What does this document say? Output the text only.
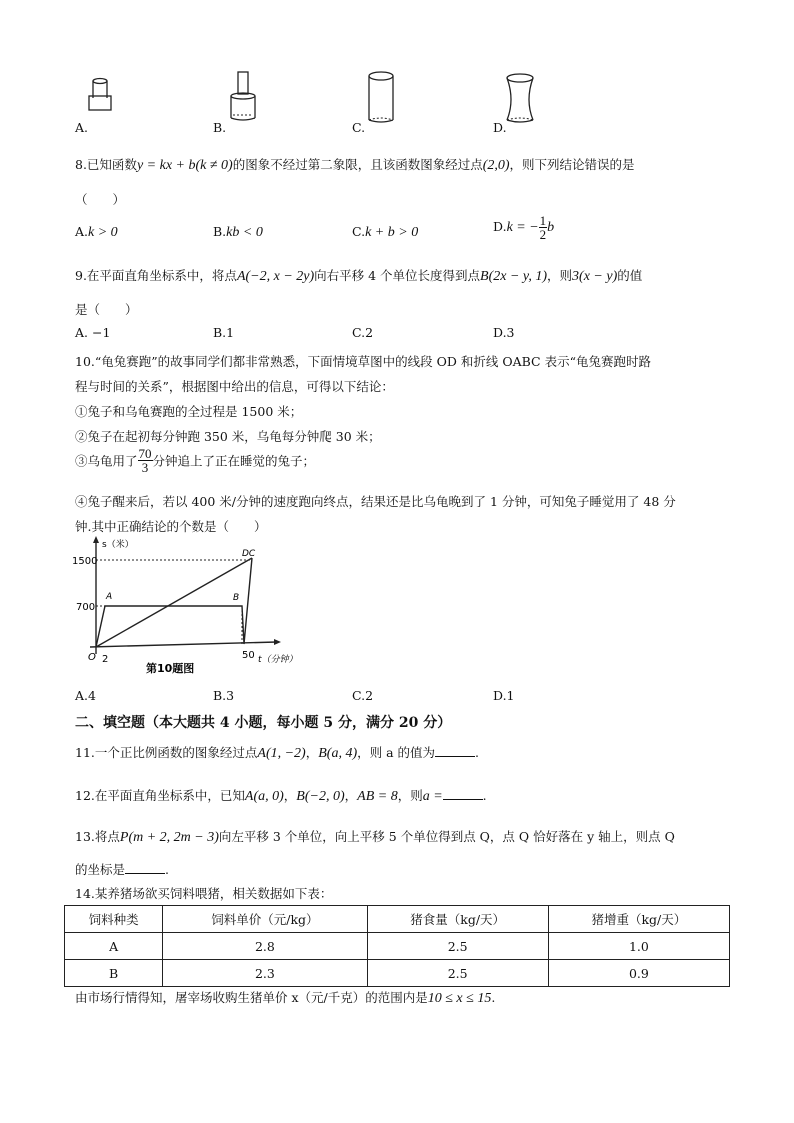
A.	B.	C.	D.
8.已知函数y = kx + b(k ≠ 0)的图象不经过第二象限，且该函数图象经过点(2,0)，则下列结论错误的是
（　　）
A.k > 0	B.kb < 0	C.k + b > 0	D.k = − $\frac{1}{2}$ b
9.在平面直角坐标系中，将点A(−2, x − 2y)向右平移 4 个单位长度得到点B(2x − y, 1)，则3(x − y)的值
是（　　）
A. −1	B.1	C.2	D.3
10.“龟兔赛跑”的故事同学们都非常熟悉，下面情境草图中的线段 OD 和折线 OABC 表示“龟兔赛跑时路
程与时间的关系”，根据图中给出的信息，可得以下结论：
①兔子和乌龟赛跑的全过程是 1500 米；
②兔子在起初每分钟跑 350 米，乌龟每分钟爬 30 米；
③乌龟用了 $\frac{70}{3}$ 分钟追上了正在睡觉的兔子；
④兔子醒来后，若以 400 米/分钟的速度跑向终点，结果还是比乌龟晚到了 1 分钟，可知兔子睡觉用了 48 分
钟.其中正确结论的个数是（　　）
s（米）
t（分钟）
1500
700
O 2	50
A	B
DC
第10题图
A.4	B.3	C.2	D.1
二、填空题（本大题共 4 小题，每小题 5 分，满分 20 分）
11.一个正比例函数的图象经过点A(1, −2)，B(a, 4)，则 a 的值为	.
12.在平面直角坐标系中，已知A(a, 0)，B(−2, 0)，AB = 8，则a =	.
13.将点P(m + 2, 2m − 3)向左平移 3 个单位，向上平移 5 个单位得到点 Q，点 Q 恰好落在 y 轴上，则点 Q
的坐标是	.
14.某养猪场欲买饲料喂猪，相关数据如下表：
饲料种类	饲料单价（元/kg）	猪食量（kg/天）	猪增重（kg/天）
A	2.8	2.5	1.0
B	2.3	2.5	0.9
由市场行情得知，屠宰场收购生猪单价 x（元/千克）的范围内是10 ≤ x ≤ 15.
